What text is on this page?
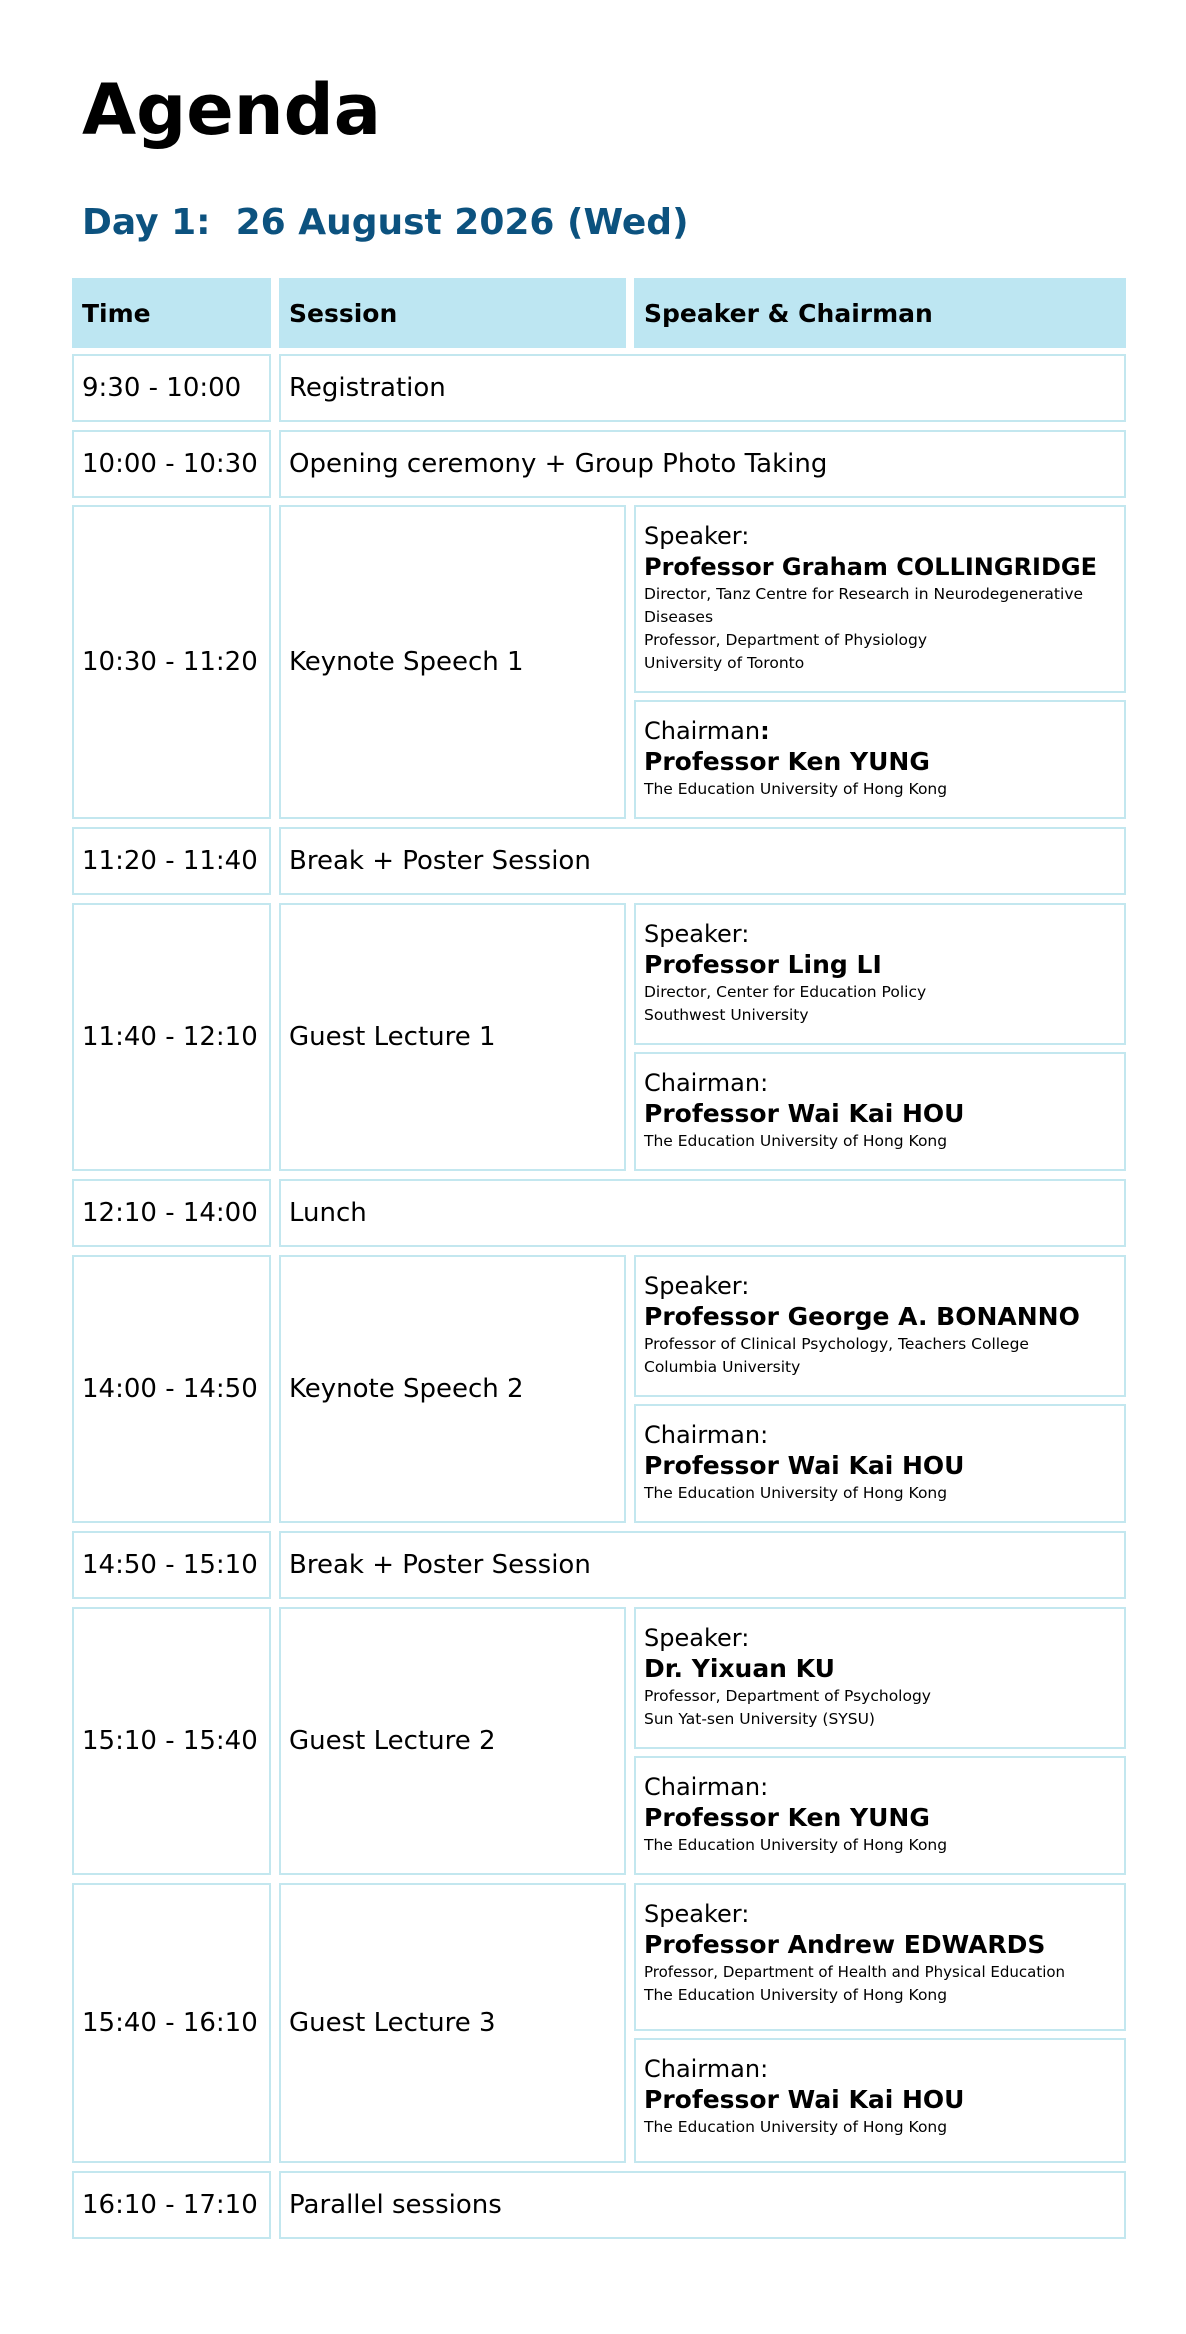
Agenda
Day 1:  26 August 2026 (Wed)
Time	Session	Speaker & Chairman
9:30 - 10:00	Registration
10:00 - 10:30	Opening ceremony + Group Photo Taking
10:30 - 11:20	Keynote Speech 1
Speaker:
Professor Graham COLLINGRIDGE
Director, Tanz Centre for Research in Neurodegenerative
Diseases
Professor, Department of Physiology
University of Toronto
Chairman:
Professor Ken YUNG
The Education University of Hong Kong
11:20 - 11:40	Break + Poster Session
11:40 - 12:10	Guest Lecture 1
Speaker:
Professor Ling LI
Director, Center for Education Policy
Southwest University
Chairman:
Professor Wai Kai HOU
The Education University of Hong Kong
12:10 - 14:00	Lunch
14:00 - 14:50	Keynote Speech 2
Speaker:
Professor George A. BONANNO
Professor of Clinical Psychology, Teachers College
Columbia University
Chairman:
Professor Wai Kai HOU
The Education University of Hong Kong
14:50 - 15:10	Break + Poster Session
15:10 - 15:40	Guest Lecture 2
Speaker:
Dr. Yixuan KU
Professor, Department of Psychology
Sun Yat-sen University (SYSU)
Chairman:
Professor Ken YUNG
The Education University of Hong Kong
15:40 - 16:10	Guest Lecture 3
Speaker:
Professor Andrew EDWARDS
Professor, Department of Health and Physical Education
The Education University of Hong Kong
Chairman:
Professor Wai Kai HOU
The Education University of Hong Kong
16:10 - 17:10	Parallel sessions
